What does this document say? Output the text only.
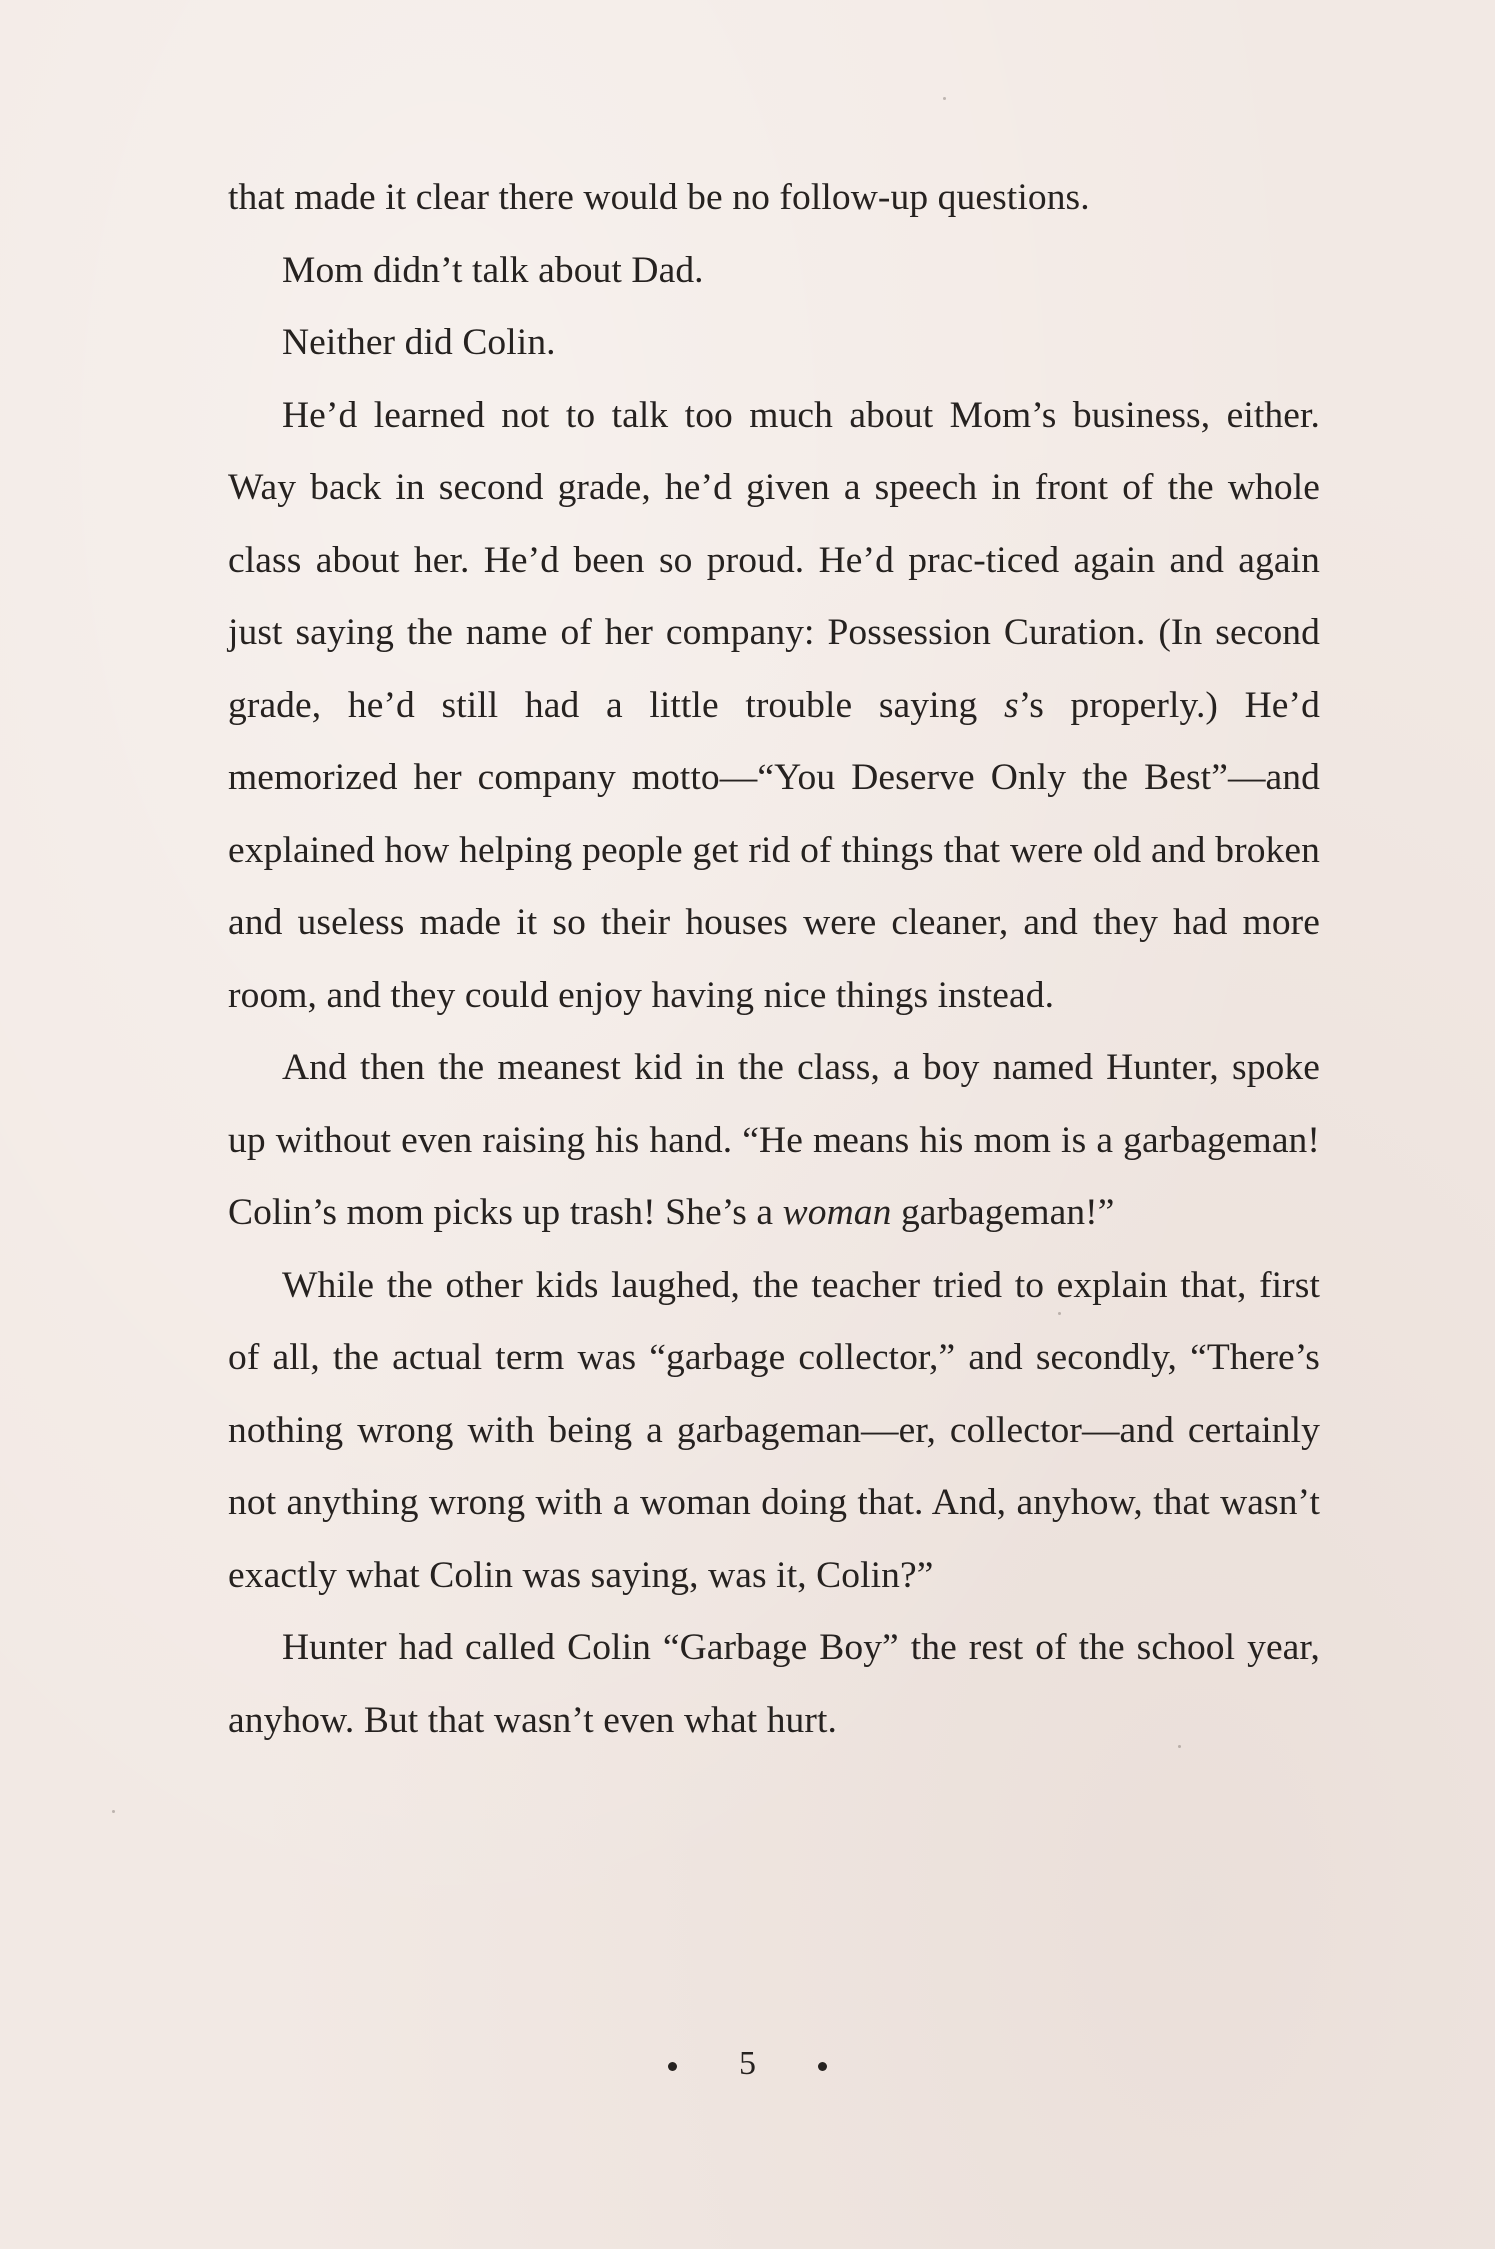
that made it clear there would be no follow-up questions.

Mom didn’t talk about Dad.

Neither did Colin.

He’d learned not to talk too much about Mom’s business, either. Way back in second grade, he’d given a speech in front of the whole class about her. He’d been so proud. He’d prac-ticed again and again just saying the name of her company: Possession Curation. (In second grade, he’d still had a little trouble saying s’s properly.) He’d memorized her company motto—“You Deserve Only the Best”—and explained how helping people get rid of things that were old and broken and useless made it so their houses were cleaner, and they had more room, and they could enjoy having nice things instead.

And then the meanest kid in the class, a boy named Hunter, spoke up without even raising his hand. “He means his mom is a garbageman! Colin’s mom picks up trash! She’s a woman garbageman!”

While the other kids laughed, the teacher tried to explain that, first of all, the actual term was “garbage collector,” and secondly, “There’s nothing wrong with being a garbageman—er, collector—and certainly not anything wrong with a woman doing that. And, anyhow, that wasn’t exactly what Colin was saying, was it, Colin?”

Hunter had called Colin “Garbage Boy” the rest of the school year, anyhow. But that wasn’t even what hurt.

5
